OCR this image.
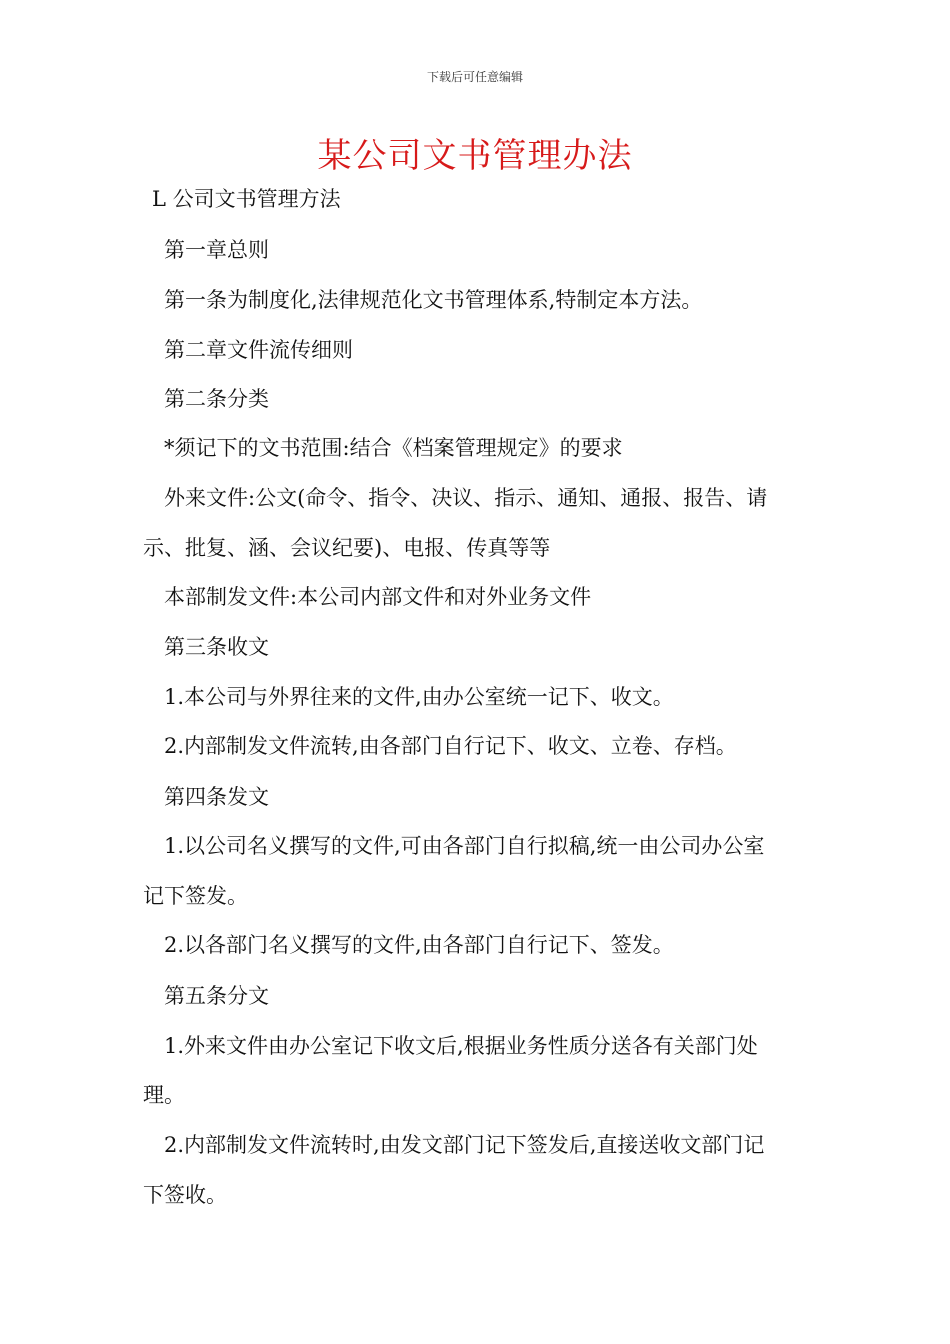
下载后可任意编辑
某公司文书管理办法
L 公司文书管理方法
第一章总则
第一条为制度化,法律规范化文书管理体系,特制定本方法。
第二章文件流传细则
第二条分类
*须记下的文书范围:结合《档案管理规定》的要求
外来文件:公文(命令、指令、决议、指示、通知、通报、报告、请
示、批复、涵、会议纪要)、电报、传真等等
本部制发文件:本公司内部文件和对外业务文件
第三条收文
1.本公司与外界往来的文件,由办公室统一记下、收文。
2.内部制发文件流转,由各部门自行记下、收文、立卷、存档。
第四条发文
1.以公司名义撰写的文件,可由各部门自行拟稿,统一由公司办公室
记下签发。
2.以各部门名义撰写的文件,由各部门自行记下、签发。
第五条分文
1.外来文件由办公室记下收文后,根据业务性质分送各有关部门处
理。
2.内部制发文件流转时,由发文部门记下签发后,直接送收文部门记
下签收。
